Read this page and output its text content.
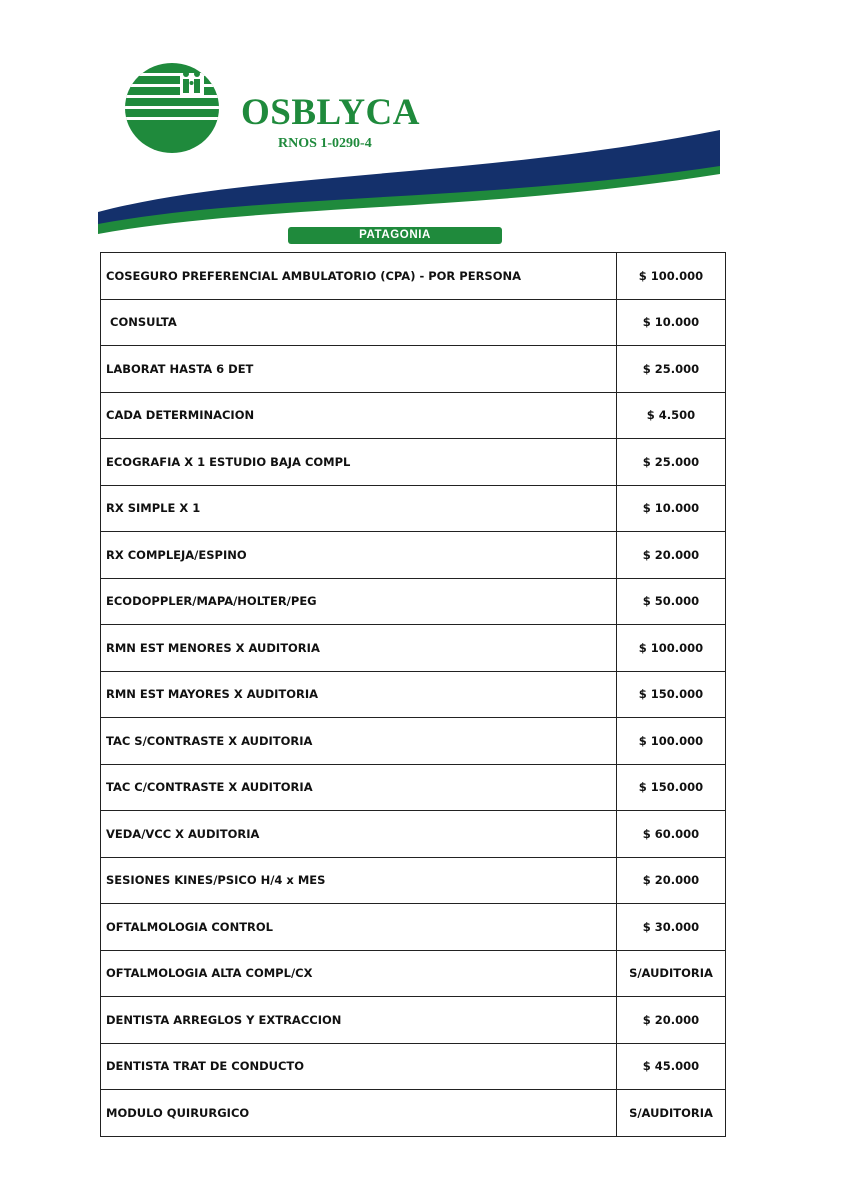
OSBLYCA
RNOS 1-0290-4
PATAGONIA
COSEGURO PREFERENCIAL AMBULATORIO (CPA) - POR PERSONA	$ 100.000
CONSULTA	$ 10.000
LABORAT HASTA 6 DET	$ 25.000
CADA DETERMINACION	$ 4.500
ECOGRAFIA X 1 ESTUDIO BAJA COMPL	$ 25.000
RX SIMPLE X 1	$ 10.000
RX COMPLEJA/ESPINO	$ 20.000
ECODOPPLER/MAPA/HOLTER/PEG	$ 50.000
RMN EST MENORES X AUDITORIA	$ 100.000
RMN EST MAYORES X AUDITORIA	$ 150.000
TAC S/CONTRASTE X AUDITORIA	$ 100.000
TAC C/CONTRASTE X AUDITORIA	$ 150.000
VEDA/VCC X AUDITORIA	$ 60.000
SESIONES KINES/PSICO H/4 x MES	$ 20.000
OFTALMOLOGIA CONTROL	$ 30.000
OFTALMOLOGIA ALTA COMPL/CX	S/AUDITORIA
DENTISTA ARREGLOS Y EXTRACCION	$ 20.000
DENTISTA TRAT DE CONDUCTO	$ 45.000
MODULO QUIRURGICO	S/AUDITORIA
